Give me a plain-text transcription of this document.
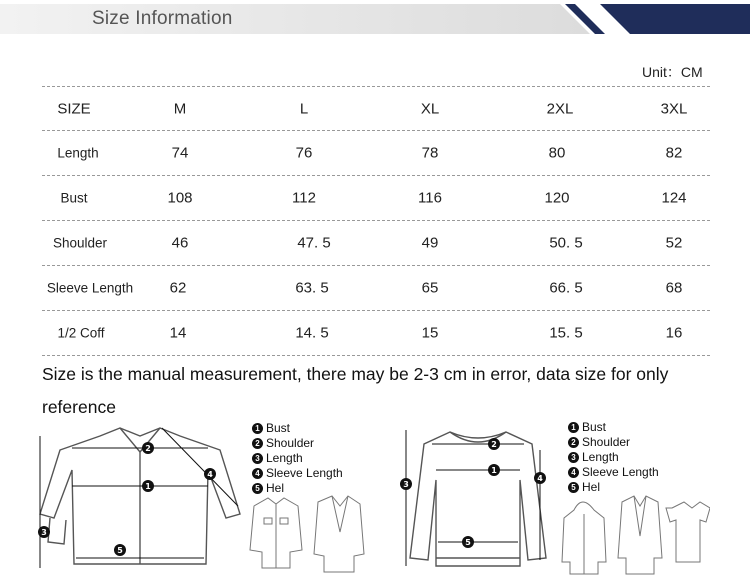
Size Information
Unit：CM
SIZE	M	L	XL	2XL	3XL
Length	74	76	78	80	82
Bust	108	112	116	120	124
Shoulder	46	47. 5	49	50. 5	52
Sleeve Length 62	63. 5	65	66. 5	68
1/2 Coff	14	14. 5	15	15. 5	16
Size is the manual measurement, there may be 2-3 cm in error, data size for only reference
2
1
5
3
4
1 Bust
2 Shoulder
3 Length
4 Sleeve Length
5 Hel
2
1
5
3
4
1 Bust
2 Shoulder
3 Length
4 Sleeve Length
5 Hel
